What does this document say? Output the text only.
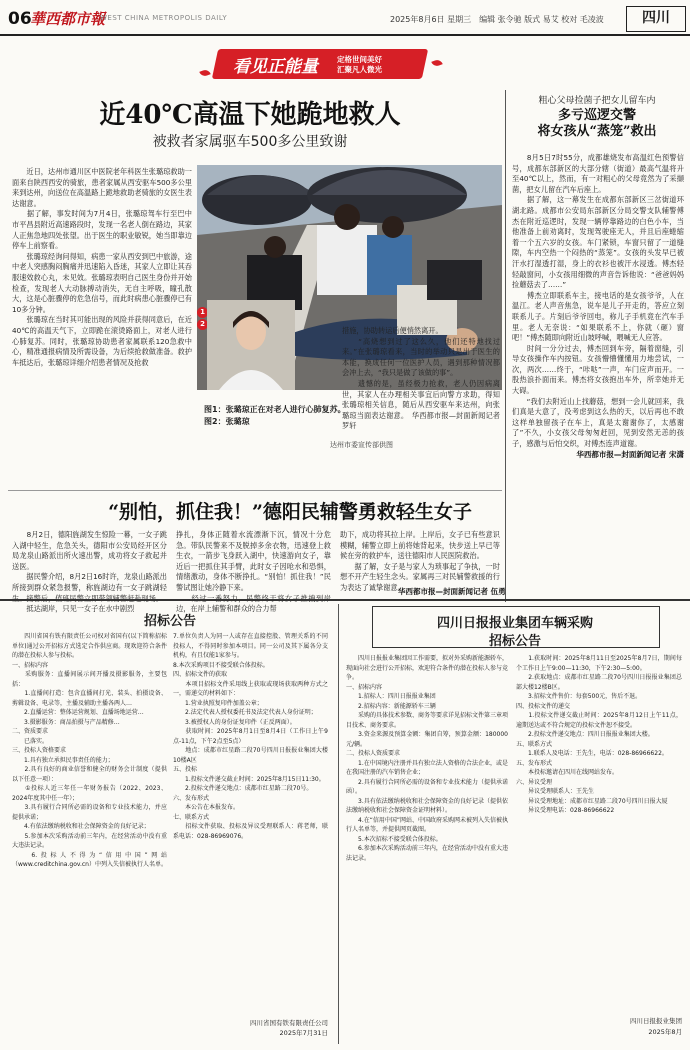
06
華西都市報
WEST CHINA METROPOLIS DAILY	2025年8月6日 星期三　编辑 张令驰 版式 易艾 校对 毛凌波	四川
看见正能量	定格世间美好
汇聚凡人微光
近40℃高温下她跪地救人
被救者家属驱车500多公里致谢

　　近日，达州市通川区中医院老年科医生张璐琼救助一面来自陕西西安的骑旅，患者家属从西安驱车500多公里来到达州，向送位在高温路上跪地救助老骑旅的女医生表达谢意。

　　据了解，事发时间为7月4日，张璐琼驾车行至巴中市平昌县附近高速路段时，发现一名老人倒在路边，其家人正焦急地四处张望。出于医生的职业敏锐，她当即靠边停车上前察看。

　　张璐琼经询问得知，病患一家从西安到巴中旅游，途中老人突感胸闷胸痛并迅速陷入昏迷，其家人立即让其吞服速效救心丸，未见效。张璐琼表明自己医生身份并开始检查，发现老人大动脉搏动消失，无自主呼吸，瞳孔散大，这是心脏骤停的危急信号，而此时病患心脏骤停已有10多分钟。

　　张璐琼在当时其可能出现的风险并获得同意后，在近40℃的高温天气下，立即跪在滚烫路面上，对老人进行心肺复苏。同时，张璐琼协助患者家属联系120急救中心，精准通报病情及所需设备，为后续抢救做准备。救护车抵达后，张璐琼详细介绍患者情况及抢救

1
2
图1：张璐琼正在对老人进行心肺复苏。
图2：张璐琼
达州市委宣传部供图

措施，协助转运后便悄然离开。

　　“高烧想到过了这么久，他们还特地找过来。”在张璐琼看来，当时的举动只是出于医生的本能，换成任何一位医护人员，遇到那种情况都会冲上去，“我只是做了该做的事”。

　　遗憾的是，虽经极力抢救，老人仍因病离世，其家人在办理相关事宜后向警方求助，得知张璐琼相关信息，随后从西安驱车来达州，向张璐琼当面表达谢意。　华西都市报—封面新闻记者 罗轩

粗心父母捡菌子把女儿留车内
多亏巡逻交警
将女孩从“蒸笼”救出

　　8月5日7时55分，成都雄烧发布高温红色预警信号，成都东部新区的大部分辖（街道）最高气温将升至40℃以上，然而，有一对粗心的父母竟然为了采撷菌，把女儿留在汽车后座上。

　　据了解，这一幕发生在成都东部新区三岔街道环湖北路。成都市公安局东部新区分局交警支队辅警傅杰在附近巡逻时，发现一辆停靠路边的白色小车，当他准备上前劝离时，发现驾驶座无人，并且后座蜷缩着一个五六岁的女孩。车门紧锁，车窗只留了一道缝隙，车内空热一个闷热的“蒸笼”。女孩的头发早已被汗水打湿透打湿，身上的衣衫也被汗水浸透。傅杰轻轻敲窗问，小女孩用细微的声音告诉他说：“爸爸妈妈捡蘑菇去了……”

　　傅杰立即联系车主，接电话的是女孩爷爷，人在温江。老人声音焦急，说车是儿子开走的，答应立刻联系儿子。片刻后爷爷回电，称儿子手机竟在汽车手里。老人无奈说：“如果联系不上，你就（砸）窗吧！”傅杰随即向附近山坡呼喊，喂喊无人应答。

　　时间一分分过去，傅杰回到车旁，隔着窗缝，引导女孩操作车内按钮。女孩懵懵懂懂用力地尝试，一次，两次……终于，“咔哒”一声，车门应声而开。一股热浪扑面而来。傅杰将女孩抱出车外，所幸她并无大碍。

　　“我们去附近山上找蘑菇，想到一会儿就回来，我们真是大意了，没考虑到这么热的天，以后再也不敢这样单独留孩子在车上，真是太谢谢你了，太感谢了”不久，小女孩父母匆匆赶回，见到安然无恙的孩子，感激与后怕交织，对傅杰连声道谢。

华西都市报—封面新闻记者 宋潇

“别怕，抓住我！”德阳民辅警勇救轻生女子
　　8月2日，德阳旌湖发生惊险一幕，一女子跳入湖中轻生，危急关头，德阳市公安局经开区分局龙泉山路派出所火速出警，成功将女子救起并送医。
　　据民警介绍，8月2日16时许，龙泉山路派出所接到群众紧急报警，称旌湖边有一女子跳湖轻
　　抵达湖岸，只见一女子在水中剧烈
挣扎，身体正随着水流漂渐下沉，情况十分危急。带队民警来不及脱掉多余衣物，迅速登上救生衣，一箭步飞身跃入湖中，快速游向女子，靠近后一把抓住其手臂，此时女子因呛水和恐惧，情绪激动，身体不断挣扎。“别怕！抓住我！”民警试图让她冷静下来。
　　边，在岸上辅警和群众的合力帮
助下，成功将其拉上岸。上岸后，女子已有些意识模糊，辅警立即上前将她背起来，快步送上早已等候在旁的救护车，送往德阳市人民医院救治。
　　据了解，女子是与家人为琐事起了争执，一时想不开产生轻生念头。家属再三对民辅警救援的行为表达了诚挚谢意。
华西都市报—封面新闻记者 伍勇
招标公告
　　四川省国有铁有限责任公司权对省国有(以下简称招标单位)通过公开招标方式选定合作供应商。现欢迎符合条件的潜在投标人参与投标。
一、招标内容
　　采购服务：直播间展示间开播及摄影服务，主要包括：
　　1.直播间打造：包含直播间打光、装头、拍摄设备、剪辑设备、电录等，主播及辅助主播各两人…
　　2.直播运营：整体运营规划、直播场地运营…
　　3.摄影服务：商品拍摄与产品精修…
二、资质要求
　　已落实。
三、投标人资格要求
　　1.具有独立承担民事责任的能力；
　　2.具有良好的商业信誉和健全的财务会计制度（提供以下任意一项）：
　　①投标人近三年任一年财务报告（2022、2023、2024年度其中任一年）；
　　3.具有履行合同所必需的设备和专业技术能力，并应提供承诺；
　　4.有依法缴纳税收和社会保障资金的良好记录；
　　5.参加本次采购活动前三年内，在经营活动中没有重大违法记录。
　　6.投标人不得为“信用中国”网站（www.creditchina.gov.cn）中列入失信被执行人名单。
7.单位负责人为同一人或存在直接控股、管理关系的不同投标人，不得同时参加本项目。同一公司及其下属各分支机构，有且仅能1家参与。
8.本次采购项目不接受联合体投标。
四、招标文件的获取
　　本项目招标文件采用线上获取或现场获取两种方式之一，需递交的材料如下：
　　1.营业执照复印件加盖公章；
　　2.法定代表人授权委托书及法定代表人身份证明；
　　3.被授权人的身份证复印件（正反两面）。
　　获取时间：2025年8月1日至8月4日（工作日上午9点-11点，下午2点至5点）
　　地点：成都市红星路二段70号四川日报报业集团大楼10楼A区
五、投标
　　1.投标文件递交截止时间：2025年8月15日11:30。
　　2.投标文件递交地点：成都市红星路二段70号。
六、发布形式
　　本公告在本报发布。
七、联系方式
　　招标文件获取、投标及异议受理联系人：蒋老师，联系电话：028-86969076。
四川省国有铁有限责任公司
2025年7月31日
四川日报报业集团车辆采购
招标公告
　　四川日报报业集团因工作需要，拟对外采购新能源轿车，现面向社会进行公开招标，欢迎符合条件的潜在投标人参与竞争。
一、招标内容
　　1.招标人：四川日报报业集团
　　2.招标内容：新能源轿车三辆
　　采购的具体技术参数、商务等要求详见招标文件第三章项目技术、商务要求。
　　3.资金来源及预算金额：集团自筹，预算金额：180000元/辆。
二、投标人资质要求
　　1.在中国境内注册并具有独立法人资格的合法企业，或是在我国注册的汽车销售企业；
　　2.具有履行合同所必需的设备和专业技术能力（提供承诺函）。
　　3.具有依法缴纳税收和社会保障资金的良好记录（提供依法缴纳税收和社会保障资金证明材料）。
　　4.在“信用中国”网站、中国政府采购网未被列入失信被执行人名单等，并提供网页截图。
　　5.本次招标不接受联合体投标。
　　6.参加本次采购活动前三年内，在经营活动中没有重大违法记录。
　　1.获取时间：2025年8月11日至2025年8月7日，期间每个工作日上午9:00—11:30，下午2:30—5:00。
　　2.获取地点：成都市红星路二段70号四川日报报业集团总部大楼12楼B区。
　　3.招标文件售价：每套500元，售后不退。
四、投标文件的递交
　　1.投标文件递交截止时间：2025年8月12日上午11点，逾期送达或不符合规定的投标文件恕不接受。
　　2.投标文件递交地点：四川日报报业集团大楼。
五、联系方式
　　1.联系人及电话：王先生，电话：028-86966622。
五、发布形式
　　本投标邀请在四川在线网站发布。
六、异议受理
　　异议受理联系人：王先生
　　异议受理地址：成都市红星路二段70号四川日报大厦
　　异议受理电话：028-86966622
四川日报报业集团
2025年8月
